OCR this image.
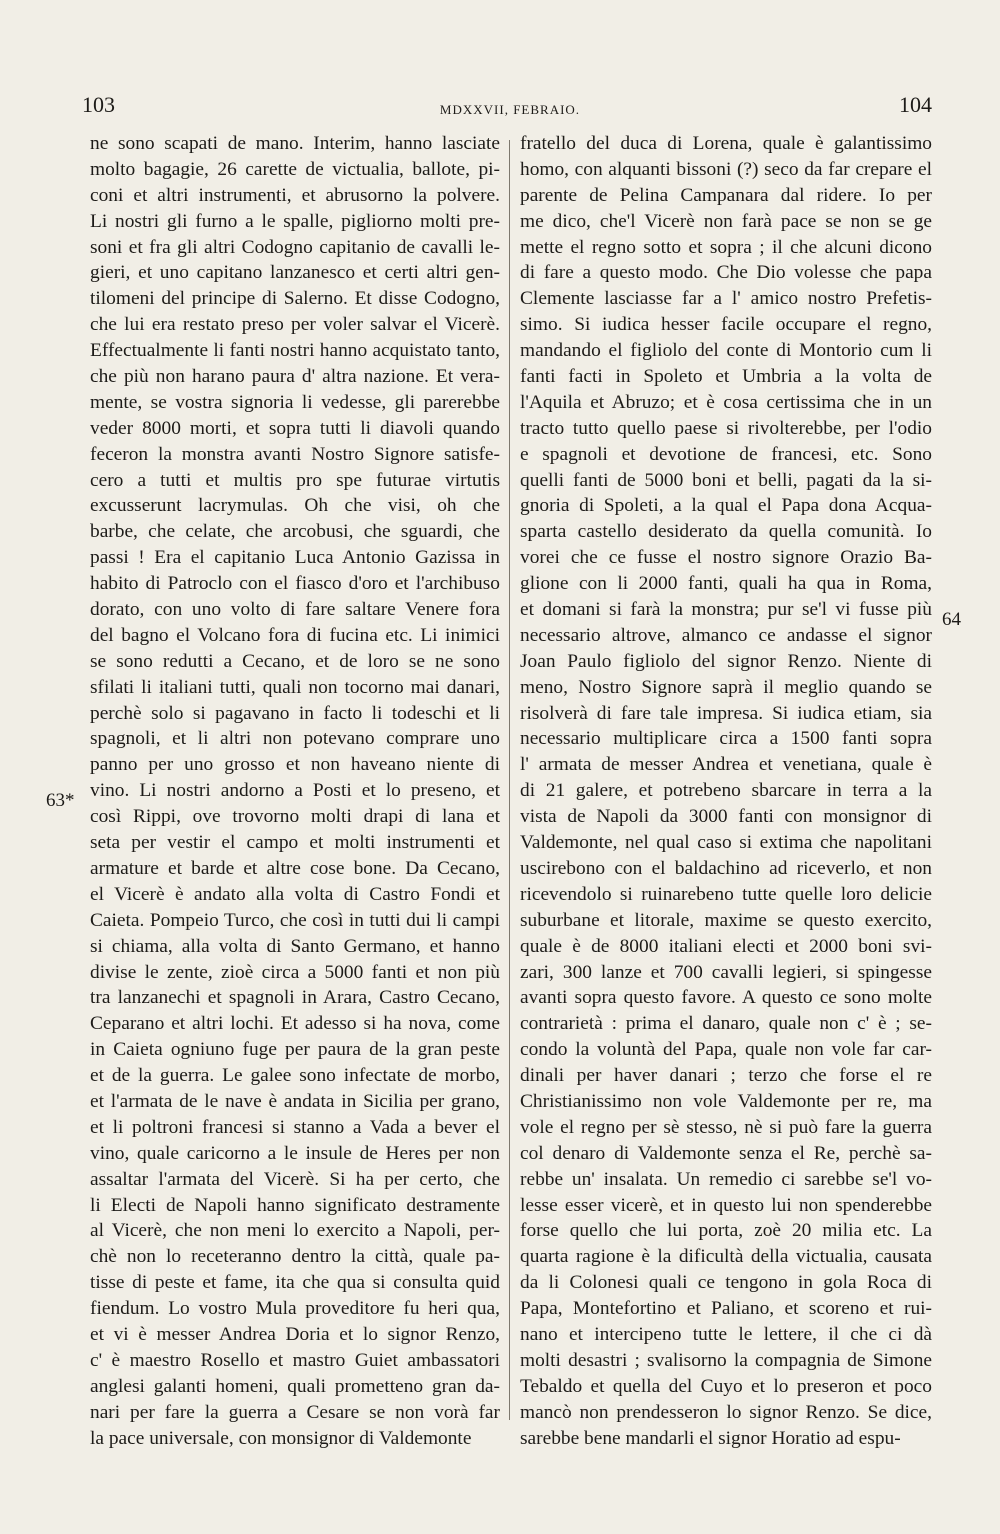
103	MDXXVII, FEBRAIO.	104
ne sono scapati de mano. Interim, hanno lasciate
molto bagagie, 26 carette de victualia, ballote, pi-
coni et altri instrumenti, et abrusorno la polvere.
Li nostri gli furno a le spalle, pigliorno molti pre-
soni et fra gli altri Codogno capitanio de cavalli le-
gieri, et uno capitano lanzanesco et certi altri gen-
tilomeni del principe di Salerno. Et disse Codogno,
che lui era restato preso per voler salvar el Vicerè.
Effectualmente li fanti nostri hanno acquistato tanto,
che più non harano paura d' altra nazione. Et vera-
mente, se vostra signoria li vedesse, gli parerebbe
veder 8000 morti, et sopra tutti li diavoli quando
feceron la monstra avanti Nostro Signore satisfe-
cero a tutti et multis pro spe futurae virtutis
excusserunt lacrymulas. Oh che visi, oh che
barbe, che celate, che arcobusi, che sguardi, che
passi ! Era el capitanio Luca Antonio Gazissa in
habito di Patroclo con el fiasco d'oro et l'archibuso
dorato, con uno volto di fare saltare Venere fora
del bagno el Volcano fora di fucina etc. Li inimici
se sono redutti a Cecano, et de loro se ne sono
sfilati li italiani tutti, quali non tocorno mai danari,
perchè solo si pagavano in facto li todeschi et li
spagnoli, et li altri non potevano comprare uno
panno per uno grosso et non haveano niente di
vino. Li nostri andorno a Posti et lo preseno, et
così Rippi, ove trovorno molti drapi di lana et
seta per vestir el campo et molti instrumenti et
armature et barde et altre cose bone. Da Cecano,
el Vicerè è andato alla volta di Castro Fondi et
Caieta. Pompeio Turco, che così in tutti dui li campi
si chiama, alla volta di Santo Germano, et hanno
divise le zente, zioè circa a 5000 fanti et non più
tra lanzanechi et spagnoli in Arara, Castro Cecano,
Ceparano et altri lochi. Et adesso si ha nova, come
in Caieta ogniuno fuge per paura de la gran peste
et de la guerra. Le galee sono infectate de morbo,
et l'armata de le nave è andata in Sicilia per grano,
et li poltroni francesi si stanno a Vada a bever el
vino, quale caricorno a le insule de Heres per non
assaltar l'armata del Vicerè. Si ha per certo, che
li Electi de Napoli hanno significato destramente
al Vicerè, che non meni lo exercito a Napoli, per-
chè non lo receteranno dentro la città, quale pa-
tisse di peste et fame, ita che qua si consulta quid
fiendum. Lo vostro Mula proveditore fu heri qua,
et vi è messer Andrea Doria et lo signor Renzo,
c' è maestro Rosello et mastro Guiet ambassatori
anglesi galanti homeni, quali prometteno gran da-
nari per fare la guerra a Cesare se non vorà far
la pace universale, con monsignor di Valdemonte
fratello del duca di Lorena, quale è galantissimo
homo, con alquanti bissoni (?) seco da far crepare el
parente de Pelina Campanara dal ridere. Io per
me dico, che'l Vicerè non farà pace se non se ge
mette el regno sotto et sopra ; il che alcuni dicono
di fare a questo modo. Che Dio volesse che papa
Clemente lasciasse far a l' amico nostro Prefetis-
simo. Si iudica hesser facile occupare el regno,
mandando el figliolo del conte di Montorio cum li
fanti facti in Spoleto et Umbria a la volta de
l'Aquila et Abruzo; et è cosa certissima che in un
tracto tutto quello paese si rivolterebbe, per l'odio
e spagnoli et devotione de francesi, etc. Sono
quelli fanti de 5000 boni et belli, pagati da la si-
gnoria di Spoleti, a la qual el Papa dona Acqua-
sparta castello desiderato da quella comunità. Io
vorei che ce fusse el nostro signore Orazio Ba-
glione con li 2000 fanti, quali ha qua in Roma,
et domani si farà la monstra; pur se'l vi fusse più
necessario altrove, almanco ce andasse el signor
Joan Paulo figliolo del signor Renzo. Niente di
meno, Nostro Signore saprà il meglio quando se
risolverà di fare tale impresa. Si iudica etiam, sia
necessario multiplicare circa a 1500 fanti sopra
l' armata de messer Andrea et venetiana, quale è
di 21 galere, et potrebeno sbarcare in terra a la
vista de Napoli da 3000 fanti con monsignor di
Valdemonte, nel qual caso si extima che napolitani
uscirebono con el baldachino ad riceverlo, et non
ricevendolo si ruinarebeno tutte quelle loro delicie
suburbane et litorale, maxime se questo exercito,
quale è de 8000 italiani electi et 2000 boni svi-
zari, 300 lanze et 700 cavalli legieri, si spingesse
avanti sopra questo favore. A questo ce sono molte
contrarietà : prima el danaro, quale non c' è ; se-
condo la voluntà del Papa, quale non vole far car-
dinali per haver danari ; terzo che forse el re
Christianissimo non vole Valdemonte per re, ma
vole el regno per sè stesso, nè si può fare la guerra
col denaro di Valdemonte senza el Re, perchè sa-
rebbe un' insalata. Un remedio ci sarebbe se'l vo-
lesse esser vicerè, et in questo lui non spenderebbe
forse quello che lui porta, zoè 20 milia etc. La
quarta ragione è la dificultà della victualia, causata
da li Colonesi quali ce tengono in gola Roca di
Papa, Montefortino et Paliano, et scoreno et rui-
nano et intercipeno tutte le lettere, il che ci dà
molti desastri ; svalisorno la compagnia de Simone
Tebaldo et quella del Cuyo et lo preseron et poco
mancò non prendesseron lo signor Renzo. Se dice,
sarebbe bene mandarli el signor Horatio ad espu-
63*
64
